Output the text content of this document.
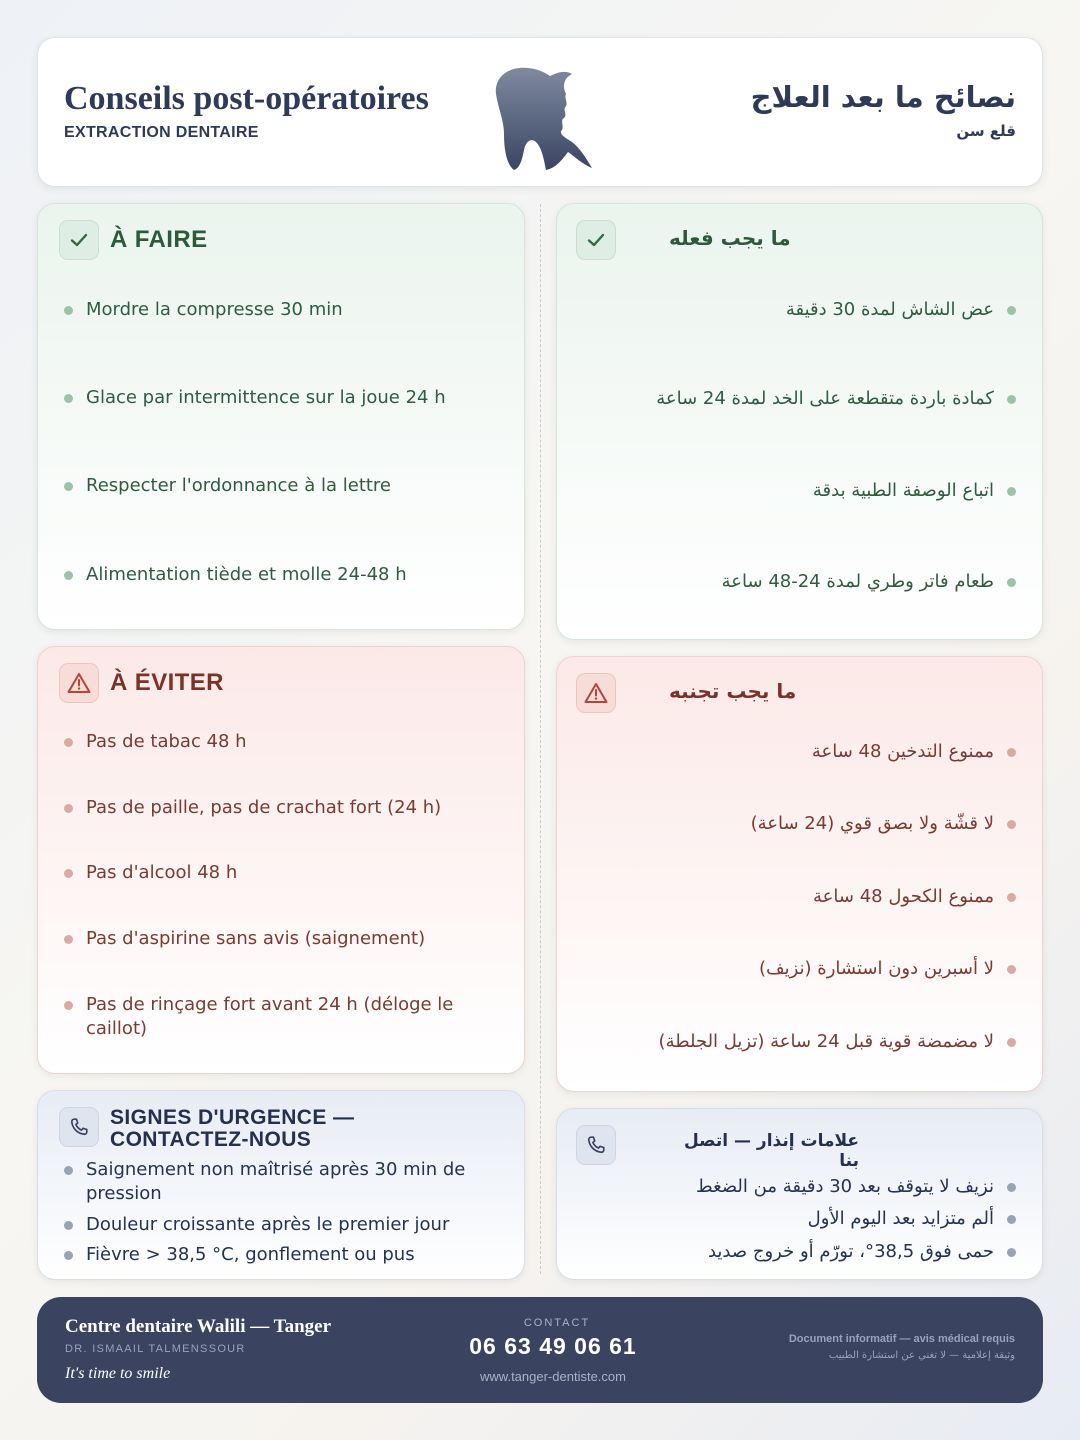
Conseils post-opératoires
EXTRACTION DENTAIRE
نصائح ما بعد العلاج
قلع سن
À FAIRE
Mordre la compresse 30 min
Glace par intermittence sur la joue 24 h
Respecter l'ordonnance à la lettre
Alimentation tiède et molle 24-48 h
ما يجب فعله
عض الشاش لمدة 30 دقيقة
كمادة باردة متقطعة على الخد لمدة 24 ساعة
اتباع الوصفة الطبية بدقة
طعام فاتر وطري لمدة 24-48 ساعة
À ÉVITER
Pas de tabac 48 h
Pas de paille, pas de crachat fort (24 h)
Pas d'alcool 48 h
Pas d'aspirine sans avis (saignement)
Pas de rinçage fort avant 24 h (déloge le caillot)
ما يجب تجنبه
ممنوع التدخين 48 ساعة
لا قشّة ولا بصق قوي (24 ساعة)
ممنوع الكحول 48 ساعة
لا أسبرين دون استشارة (نزيف)
لا مضمضة قوية قبل 24 ساعة (تزيل الجلطة)
SIGNES D'URGENCE — CONTACTEZ-NOUS
Saignement non maîtrisé après 30 min de pression
Douleur croissante après le premier jour
Fièvre > 38,5 °C, gonflement ou pus
علامات إنذار — اتصل بنا
نزيف لا يتوقف بعد 30 دقيقة من الضغط
ألم متزايد بعد اليوم الأول
حمى فوق 38,5°، تورّم أو خروج صديد
Centre dentaire Walili — Tanger
DR. ISMAAIL TALMENSSOUR
It's time to smile
CONTACT
06 63 49 06 61
www.tanger-dentiste.com
Document informatif — avis médical requis
وثيقة إعلامية — لا تغني عن استشارة الطبيب
